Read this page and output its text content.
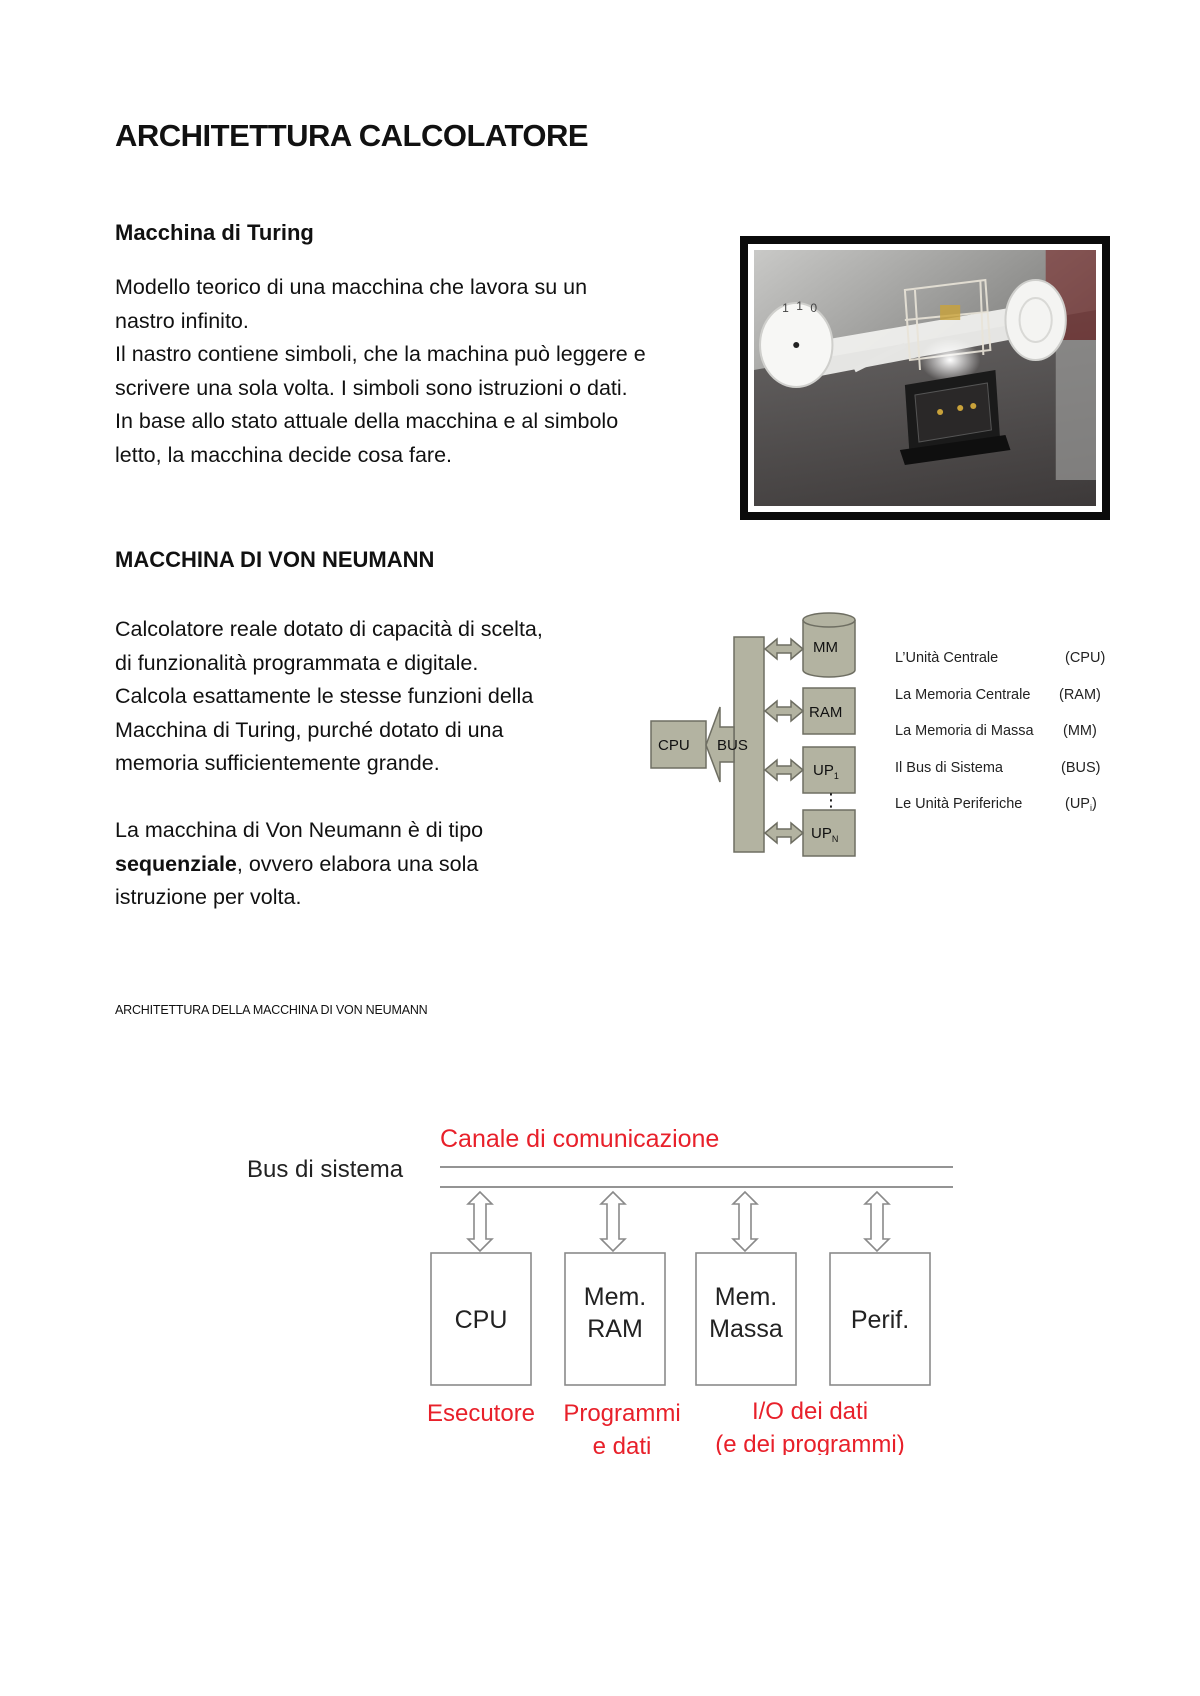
ARCHITETTURA CALCOLATORE
Macchina di Turing

Modello teorico di una macchina che lavora su un

nastro infinito.

Il nastro contiene simboli, che la machina può leggere e

scrivere una sola volta. I simboli sono istruzioni o dati.

In base allo stato attuale della macchina e al simbolo

letto, la macchina decide cosa fare.

1 1 0
MACCHINA DI VON NEUMANN

Calcolatore reale dotato di capacità di scelta,

di funzionalità programmata e digitale.

Calcola esattamente le stesse funzioni della

Macchina di Turing, purché dotato di una

memoria sufficientemente grande.

La macchina di Von Neumann è di tipo

sequenziale, ovvero elabora una sola

istruzione per volta.

CPU BUS
MM
RAM
$UP_1$
$UP_N$
⋮
L’Unità Centrale	(CPU)
La Memoria Centrale (RAM)
La Memoria di Massa (MM)
Il Bus di Sistema	(BUS)
Le Unità Periferiche	$(UP_i)$
ARCHITETTURA DELLA MACCHINA DI VON NEUMANN
Canale di comunicazione
Bus di sistema
CPU
Mem.
RAM
Mem.
Massa	Perif.
Esecutore Programmi
e dati
I/O dei dati
(e dei programmi)
